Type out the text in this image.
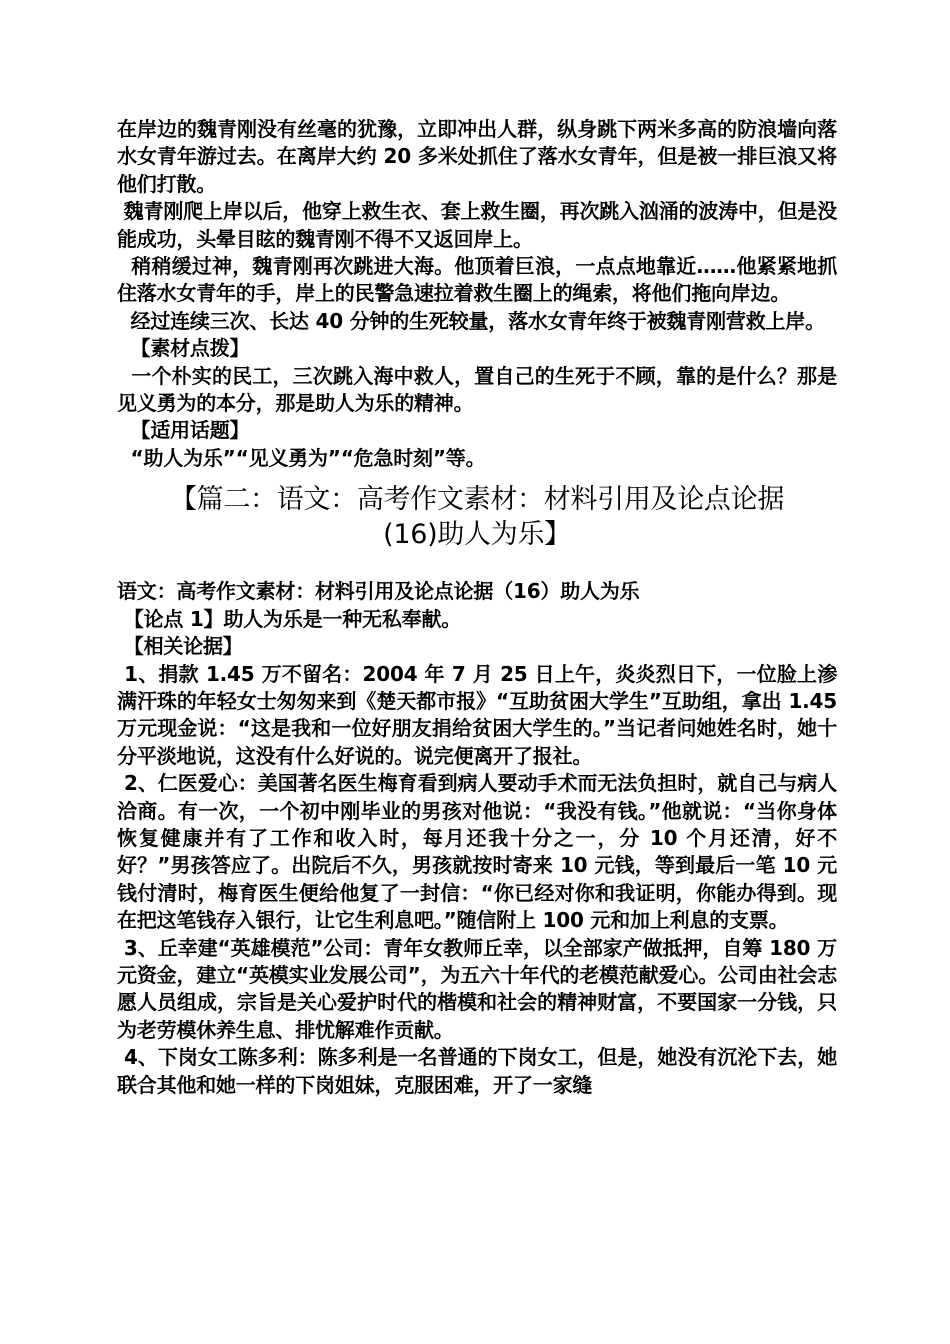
在岸边的魏青刚没有丝毫的犹豫，立即冲出人群，纵身跳下两米多高的防浪墙向落水女青年游过去。在离岸大约 20 多米处抓住了落水女青年，但是被一排巨浪又将他们打散。

魏青刚爬上岸以后，他穿上救生衣、套上救生圈，再次跳入汹涌的波涛中，但是没能成功，头晕目眩的魏青刚不得不又返回岸上。

稍稍缓过神，魏青刚再次跳进大海。他顶着巨浪，一点点地靠近……他紧紧地抓住落水女青年的手，岸上的民警急速拉着救生圈上的绳索，将他们拖向岸边。

经过连续三次、长达 40 分钟的生死较量，落水女青年终于被魏青刚营救上岸。

【素材点拨】

一个朴实的民工，三次跳入海中救人，置自己的生死于不顾，靠的是什么？那是见义勇为的本分，那是助人为乐的精神。

【适用话题】

“助人为乐”“见义勇为”“危急时刻”等。

【篇二：语文：高考作文素材：材料引用及论点论据
(16)助人为乐】

语文：高考作文素材：材料引用及论点论据（16）助人为乐

【论点 1】助人为乐是一种无私奉献。

【相关论据】

1、捐款 1.45 万不留名：2004 年 7 月 25 日上午，炎炎烈日下，一位脸上渗满汗珠的年轻女士匆匆来到《楚天都市报》“互助贫困大学生”互助组，拿出 1.45 万元现金说：“这是我和一位好朋友捐给贫困大学生的。”当记者问她姓名时，她十分平淡地说，这没有什么好说的。说完便离开了报社。

2、仁医爱心：美国著名医生梅育看到病人要动手术而无法负担时，就自己与病人洽商。有一次，一个初中刚毕业的男孩对他说：“我没有钱。”他就说：“当你身体恢复健康并有了工作和收入时，每月还我十分之一，分 10 个月还清，好不好？”男孩答应了。出院后不久，男孩就按时寄来 10 元钱，等到最后一笔 10 元钱付清时，梅育医生便给他复了一封信：“你已经对你和我证明，你能办得到。现在把这笔钱存入银行，让它生利息吧。”随信附上 100 元和加上利息的支票。

3、丘幸建“英雄模范”公司：青年女教师丘幸，以全部家产做抵押，自筹 180 万元资金，建立“英模实业发展公司”，为五六十年代的老模范献爱心。公司由社会志愿人员组成，宗旨是关心爱护时代的楷模和社会的精神财富，不要国家一分钱，只为老劳模休养生息、排忧解难作贡献。

4、下岗女工陈多利：陈多利是一名普通的下岗女工，但是，她没有沉沦下去，她联合其他和她一样的下岗姐妹，克服困难，开了一家缝
